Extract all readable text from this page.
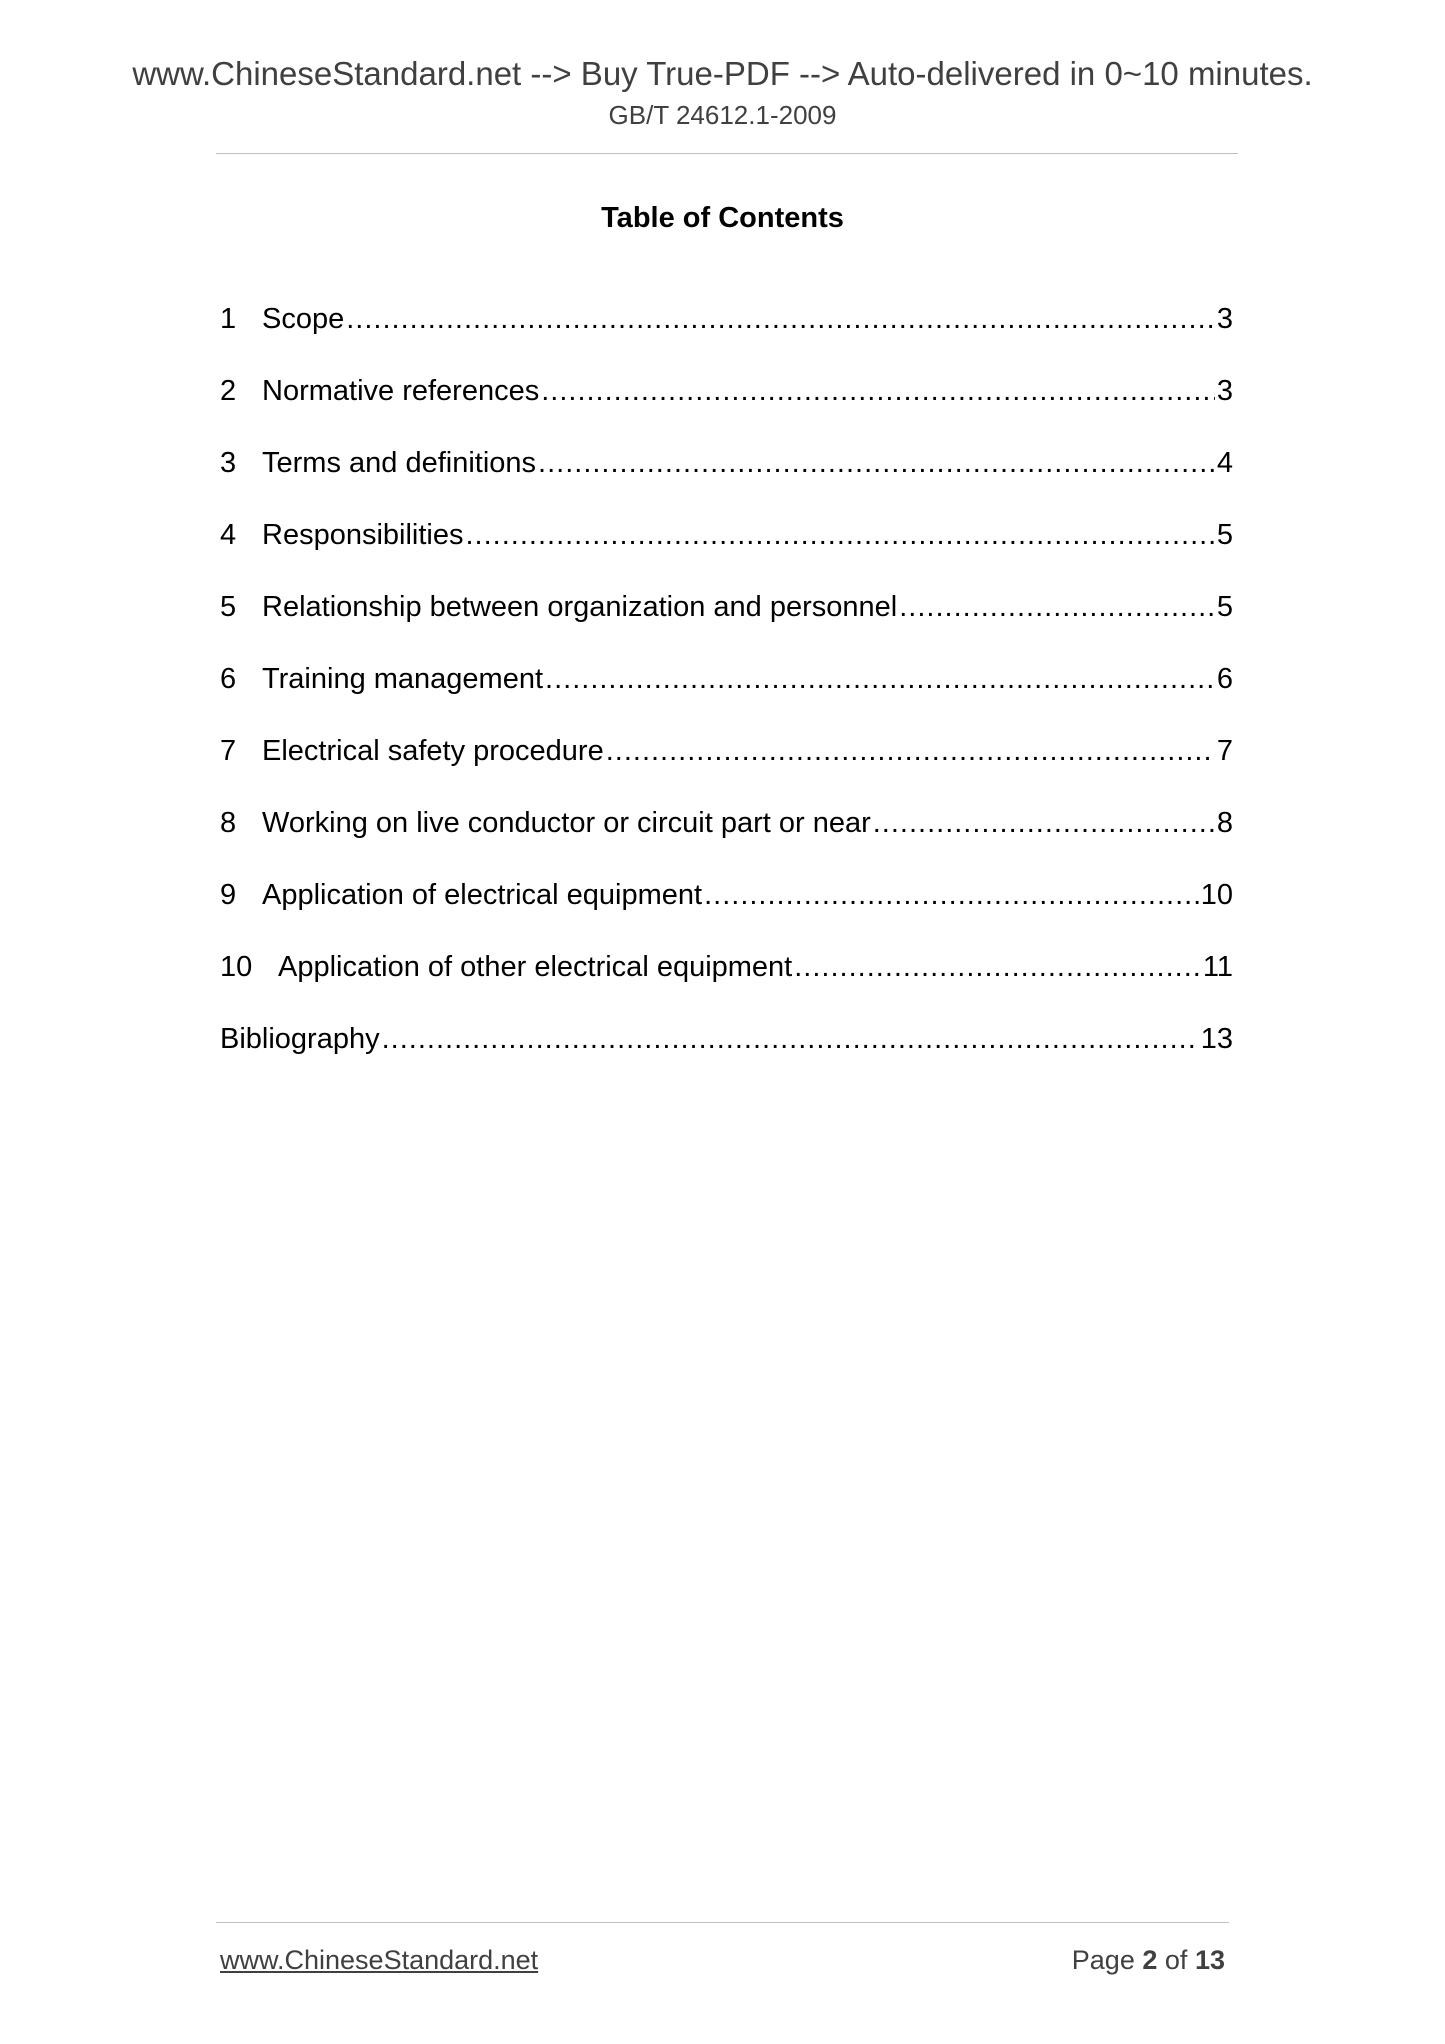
www.ChineseStandard.net --> Buy True-PDF --> Auto-delivered in 0~10 minutes.
GB/T 24612.1-2009
Table of Contents
1 Scope .....	3
2 Normative references .....	3
3 Terms and definitions .....	4
4 Responsibilities .....	5
5 Relationship between organization and personnel .....	5
6 Training management .....	6
7 Electrical safety procedure .....	7
8 Working on live conductor or circuit part or near .....	8
9 Application of electrical equipment .....	10
10 Application of other electrical equipment .....	11
Bibliography .....	13
www.ChineseStandard.net	Page 2 of 13
